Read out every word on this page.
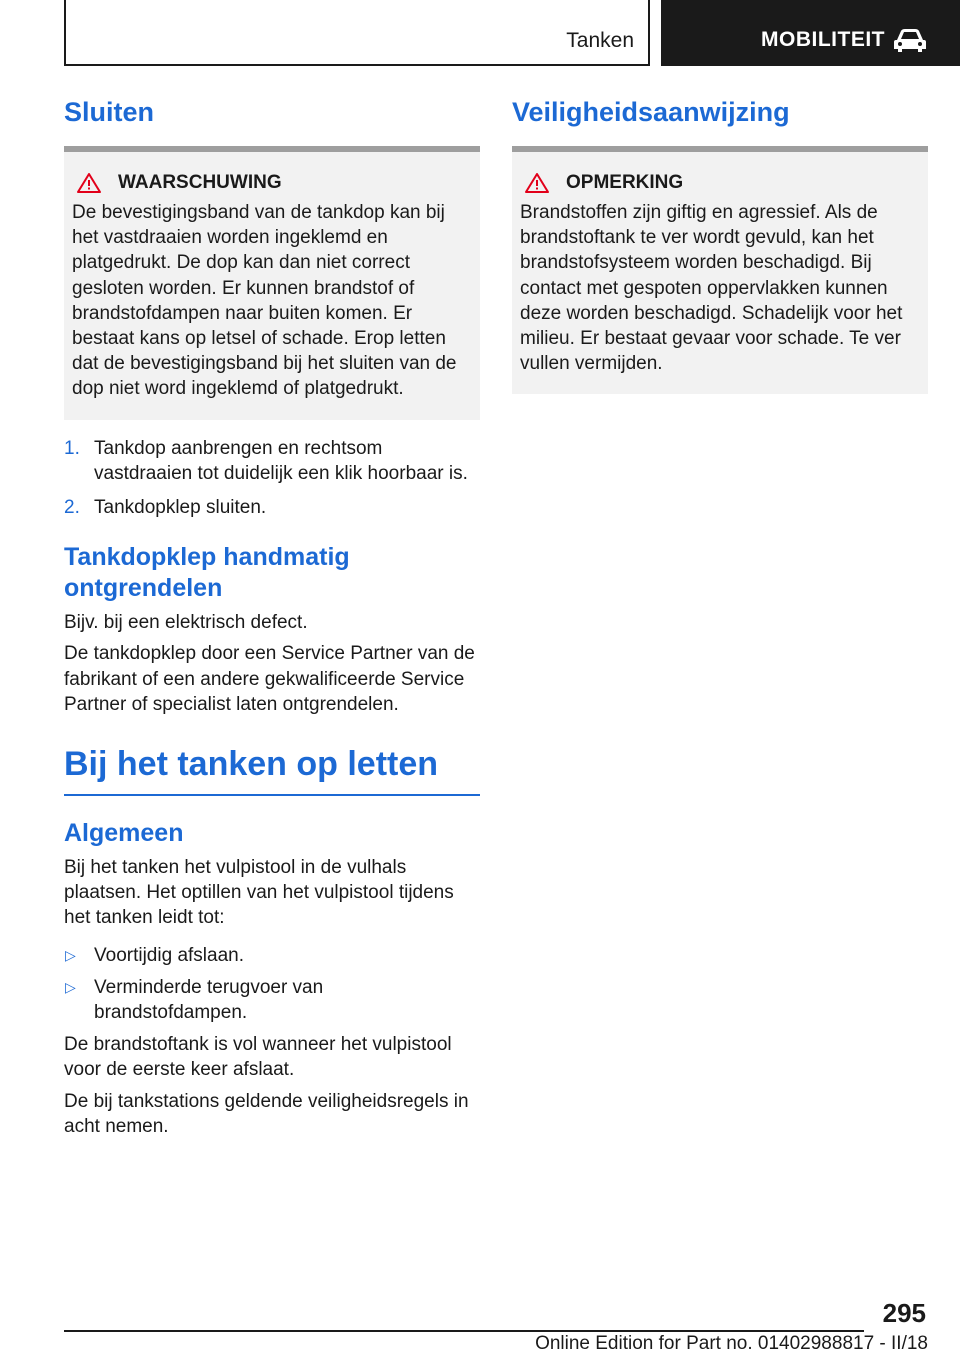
Tanken	MOBILITEIT
Sluiten
WAARSCHUWING
De bevestigingsband van de tankdop kan bij het vastdraaien worden ingeklemd en platgedrukt. De dop kan dan niet correct gesloten worden. Er kunnen brandstof of brandstofdampen naar buiten komen. Er bestaat kans op letsel of schade. Erop letten dat de bevestigingsband bij het sluiten van de dop niet word ingeklemd of platgedrukt.
1. Tankdop aanbrengen en rechtsom vastdraaien tot duidelijk een klik hoorbaar is.
2. Tankdopklep sluiten.
Tankdopklep handmatig ontgrendelen
Bijv. bij een elektrisch defect.
De tankdopklep door een Service Partner van de fabrikant of een andere gekwalificeerde Service Partner of specialist laten ontgrendelen.
Bij het tanken op letten
Algemeen
Bij het tanken het vulpistool in de vulhals plaatsen. Het optillen van het vulpistool tijdens het tanken leidt tot:
▷ Voortijdig afslaan.
▷ Verminderde terugvoer van brandstofdampen.
De brandstoftank is vol wanneer het vulpistool voor de eerste keer afslaat.
De bij tankstations geldende veiligheidsregels in acht nemen.
Veiligheidsaanwijzing
OPMERKING
Brandstoffen zijn giftig en agressief. Als de brandstoftank te ver wordt gevuld, kan het brandstofsysteem worden beschadigd. Bij contact met gespoten oppervlakken kunnen deze worden beschadigd. Schadelijk voor het milieu. Er bestaat gevaar voor schade. Te ver vullen vermijden.
295
Online Edition for Part no. 01402988817 - II/18
